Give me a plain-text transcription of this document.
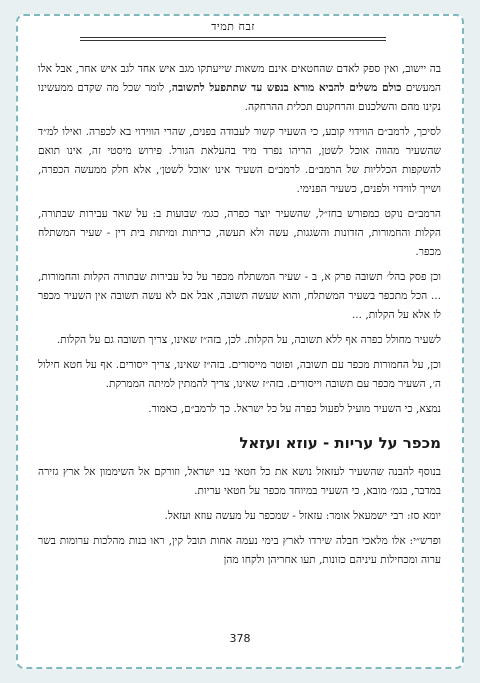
זבח תמיד

בה יישוב, ואין ספק לאדם שהחטאים אינם משאות שייעתקו מגב איש אחד לגב איש אחר, אבל אלו המעשים כולם משלים להביא מורא בנפש עד שתתפעל לתשובה, לומר שכל מה שקדם ממעשינו נקינו מהם והשלכנום והרחקנום תכלית ההרחקה.

לסיכך, לרמב״ם הווידוי קובע, כי השעיר קשור לעבודה בפנים, שהרי הווידוי בא לכפרה. ואילו למ״ד שהשעיר מהווה אוכל לשטן, הריהו נפרד מיד בהעלאת הגורל. פירוש מיסטי זה, אינו תואם להשקפות הכלליות של הרמב״ם. לרמב״ם השעיר אינו ׳אוכל לשטן׳, אלא חלק ממעשה הכפרה, ושייך לווידוי ולפנים, כשעיר הפנימי.

הרמב״ם נוקט כמפורש בחז״ל, שהשעיר יוצר כפרה, כגמ׳ שבועות ב: על שאר עבירות שבתורה, הקלות והחמורות, הזדונות והשגגות, עשה ולא תעשה, כריתות ומיתות בית דין - שעיר המשתלח מכפר.

וכן פסק בהל׳ תשובה פרק א, ב - שעיר המשתלח מכפר על כל עבירות שבתורה הקלות והחמורות, ... הכל מתכפר בשעיר המשתלח, והוא שעשה תשובה, אבל אם לא עשה תשובה אין השעיר מכפר לו אלא על הקלות, ...

לשעיר מחולל כפרה אף ללא תשובה, על הקלות. לכן, בזה״ז שאינו, צריך תשובה גם על הקלות.

וכן, על החמורות מכפר עם תשובה, ופוטר מייסורים. בזה״ז שאינו, צריך ייסורים. אף על חטא חילול ה׳, השעיר מכפר עם תשובה וייסורים. בזה״ז שאינו, צריך להמתין למיתה הממרקת.

נמצא, כי השעיר מועיל לפעול כפרה על כל ישראל. כך לרמב״ם, כאמור.

מכפר על עריות - עוזא ועזאל

בנוסף להבנה שהשעיר לעזאזל נושא את כל חטאי בני ישראל, וזורקם אל השיממון אל ארץ גזירה במדבר, בגמ׳ מובא, כי השעיר במיוחד מכפר על חטאי עריות.

יומא סז: רבי ישמעאל אומר: עזאזל - שמכפר על מעשה עוזא ועזאל.

ופרש״י: אלו מלאכי חבלה שירדו לארץ בימי נעמה אחות תובל קין, ראו בנות מהלכות ערומות בשר ערוה ומכחילות עיניהם כזונות, תעו אחריהן ולקחו מהן

378
